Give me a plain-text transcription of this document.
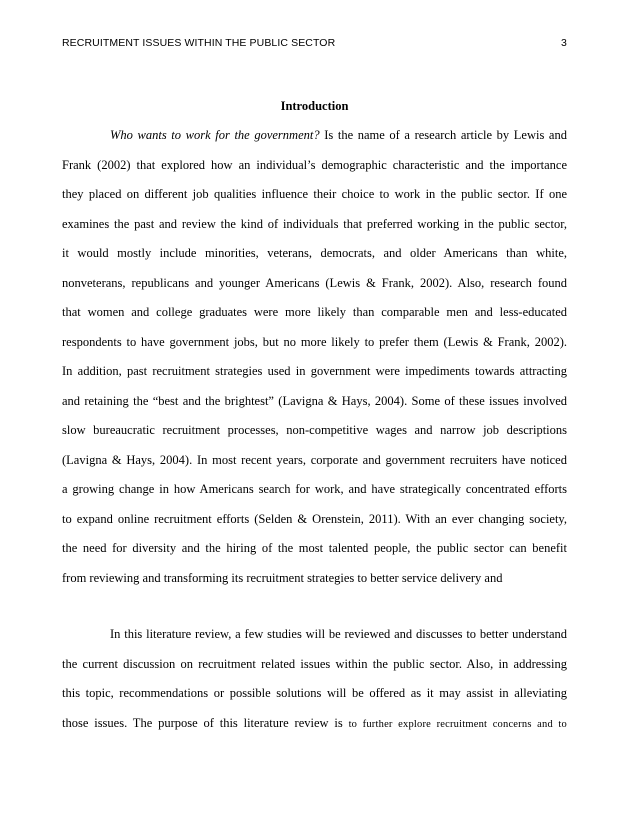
RECRUITMENT ISSUES WITHIN THE PUBLIC SECTOR	3
Introduction
Who wants to work for the government? Is the name of a research article by Lewis and
Frank (2002) that explored how an individual’s demographic characteristic and the importance
they placed on different job qualities influence their choice to work in the public sector. If one
examines the past and review the kind of individuals that preferred working in the public sector,
it would mostly include minorities, veterans, democrats, and older Americans than white,
nonveterans, republicans and younger Americans (Lewis & Frank, 2002). Also, research found
that women and college graduates were more likely than comparable men and less-educated
respondents to have government jobs, but no more likely to prefer them (Lewis & Frank, 2002).
In addition, past recruitment strategies used in government were impediments towards attracting
and retaining the “best and the brightest” (Lavigna & Hays, 2004). Some of these issues involved
slow bureaucratic recruitment processes, non-competitive wages and narrow job descriptions
(Lavigna & Hays, 2004). In most recent years, corporate and government recruiters have noticed
a growing change in how Americans search for work, and have strategically concentrated efforts
to expand online recruitment efforts (Selden & Orenstein, 2011). With an ever changing society,
the need for diversity and the hiring of the most talented people, the public sector can benefit
from reviewing and transforming its recruitment strategies to better service delivery and
In this literature review, a few studies will be reviewed and discusses to better understand
the current discussion on recruitment related issues within the public sector. Also, in addressing
this topic, recommendations or possible solutions will be offered as it may assist in alleviating
those issues. The purpose of this literature review is to further explore recruitment concerns and to
